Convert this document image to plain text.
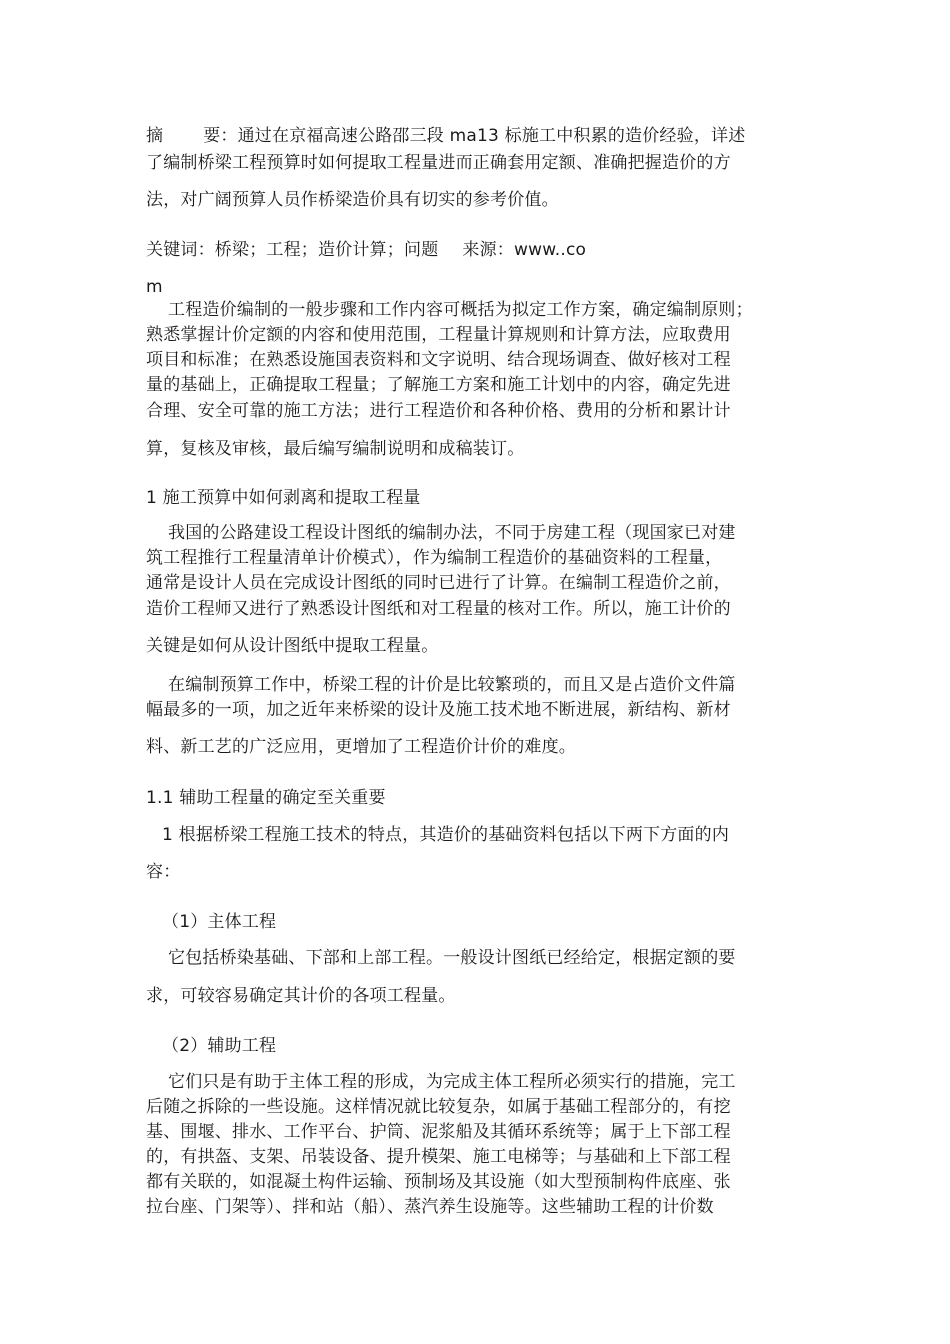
摘 要：通过在京福高速公路邵三段 ma13 标施工中积累的造价经验，详述

了编制桥梁工程预算时如何提取工程量进而正确套用定额、准确把握造价的方

法，对广阔预算人员作桥梁造价具有切实的参考价值。

关键词：桥梁；工程；造价计算；问题 来源：www..co

m

工程造价编制的一般步骤和工作内容可概括为拟定工作方案，确定编制原则；

熟悉掌握计价定额的内容和使用范围，工程量计算规则和计算方法，应取费用

项目和标准；在熟悉设施国表资料和文字说明、结合现场调查、做好核对工程

量的基础上，正确提取工程量；了解施工方案和施工计划中的内容，确定先进

合理、安全可靠的施工方法；进行工程造价和各种价格、费用的分析和累计计

算，复核及审核，最后编写编制说明和成稿装订。

1 施工预算中如何剥离和提取工程量

我国的公路建设工程设计图纸的编制办法，不同于房建工程（现国家已对建

筑工程推行工程量清单计价模式），作为编制工程造价的基础资料的工程量，

通常是设计人员在完成设计图纸的同时已进行了计算。在编制工程造价之前，

造价工程师又进行了熟悉设计图纸和对工程量的核对工作。所以，施工计价的

关键是如何从设计图纸中提取工程量。

在编制预算工作中，桥梁工程的计价是比较繁琐的，而且又是占造价文件篇

幅最多的一项，加之近年来桥梁的设计及施工技术地不断进展，新结构、新材

料、新工艺的广泛应用，更增加了工程造价计价的难度。

1.1 辅助工程量的确定至关重要

1 根据桥梁工程施工技术的特点，其造价的基础资料包括以下两下方面的内

容：

（1）主体工程

它包括桥染基础、下部和上部工程。一般设计图纸已经给定，根据定额的要

求，可较容易确定其计价的各项工程量。

（2）辅助工程

它们只是有助于主体工程的形成，为完成主体工程所必须实行的措施，完工

后随之拆除的一些设施。这样情况就比较复杂，如属于基础工程部分的，有挖

基、围堰、排水、工作平台、护筒、泥浆船及其循环系统等；属于上下部工程

的，有拱盔、支架、吊装设备、提升模架、施工电梯等；与基础和上下部工程

都有关联的，如混凝土构件运输、预制场及其设施（如大型预制构件底座、张

拉台座、门架等）、拌和站（船）、蒸汽养生设施等。这些辅助工程的计价数
